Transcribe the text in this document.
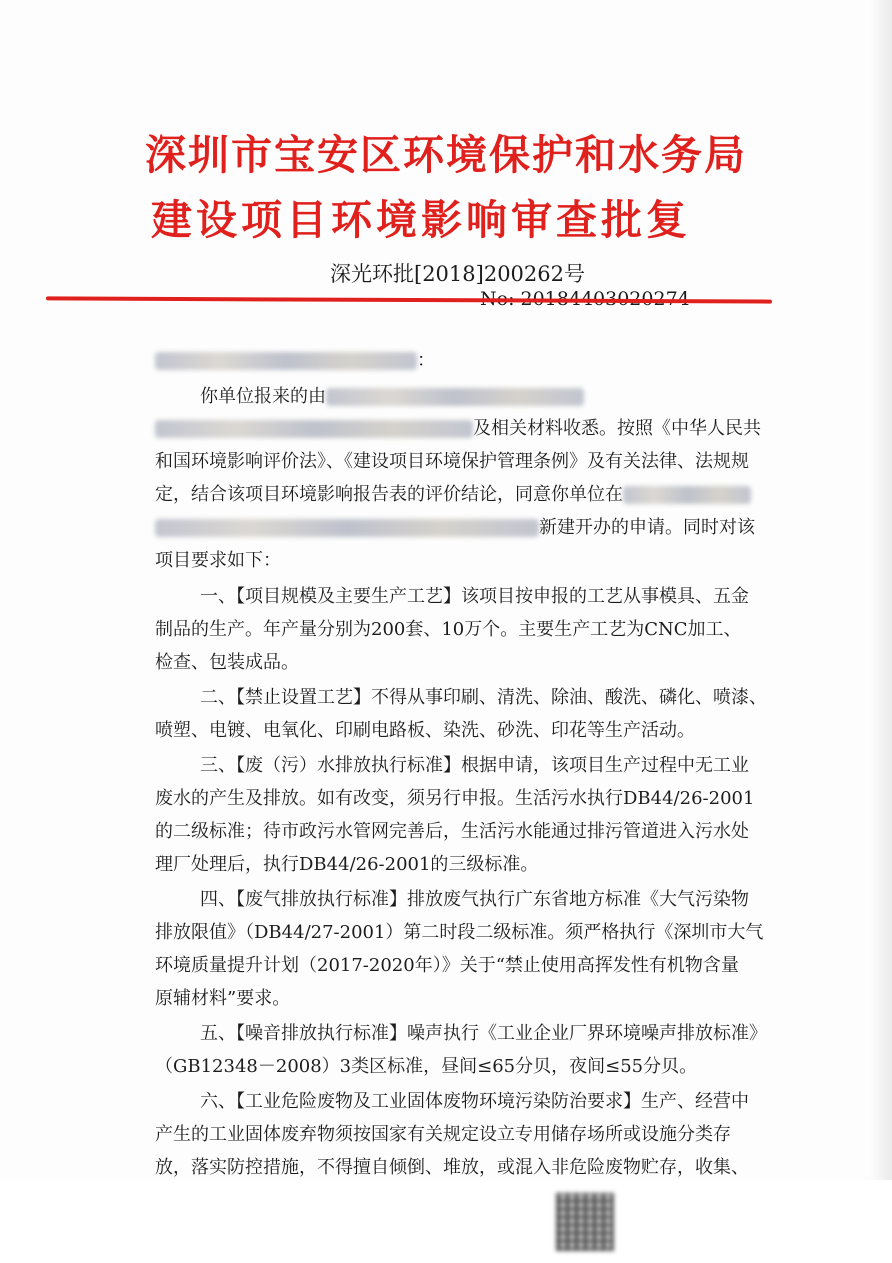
深圳市宝安区环境保护和水务局
建设项目环境影响审查批复
深光环批[2018]200262号
：
你单位报来的由
及相关材料收悉。按照《中华人民共
和国环境影响评价法》、《建设项目环境保护管理条例》及有关法律、法规规
定，结合该项目环境影响报告表的评价结论，同意你单位在
新建开办的申请。同时对该
项目要求如下：
一、【项目规模及主要生产工艺】该项目按申报的工艺从事模具、五金
制品的生产。年产量分别为200套、10万个。主要生产工艺为CNC加工、
检查、包装成品。
二、【禁止设置工艺】不得从事印刷、清洗、除油、酸洗、磷化、喷漆、
喷塑、电镀、电氧化、印刷电路板、染洗、砂洗、印花等生产活动。
三、【废（污）水排放执行标准】根据申请，该项目生产过程中无工业
废水的产生及排放。如有改变，须另行申报。生活污水执行DB44/26-2001
的二级标准；待市政污水管网完善后，生活污水能通过排污管道进入污水处
理厂处理后，执行DB44/26-2001的三级标准。
四、【废气排放执行标准】排放废气执行广东省地方标准《大气污染物
排放限值》（DB44/27-2001）第二时段二级标准。须严格执行《深圳市大气
环境质量提升计划（2017-2020年）》关于“禁止使用高挥发性有机物含量
原辅材料”要求。
五、【噪音排放执行标准】噪声执行《工业企业厂界环境噪声排放标准》
（GB12348－2008）3类区标准，昼间≤65分贝，夜间≤55分贝。
六、【工业危险废物及工业固体废物环境污染防治要求】生产、经营中
产生的工业固体废弃物须按国家有关规定设立专用储存场所或设施分类存
放，落实防控措施，不得擅自倾倒、堆放，或混入非危险废物贮存，收集、
